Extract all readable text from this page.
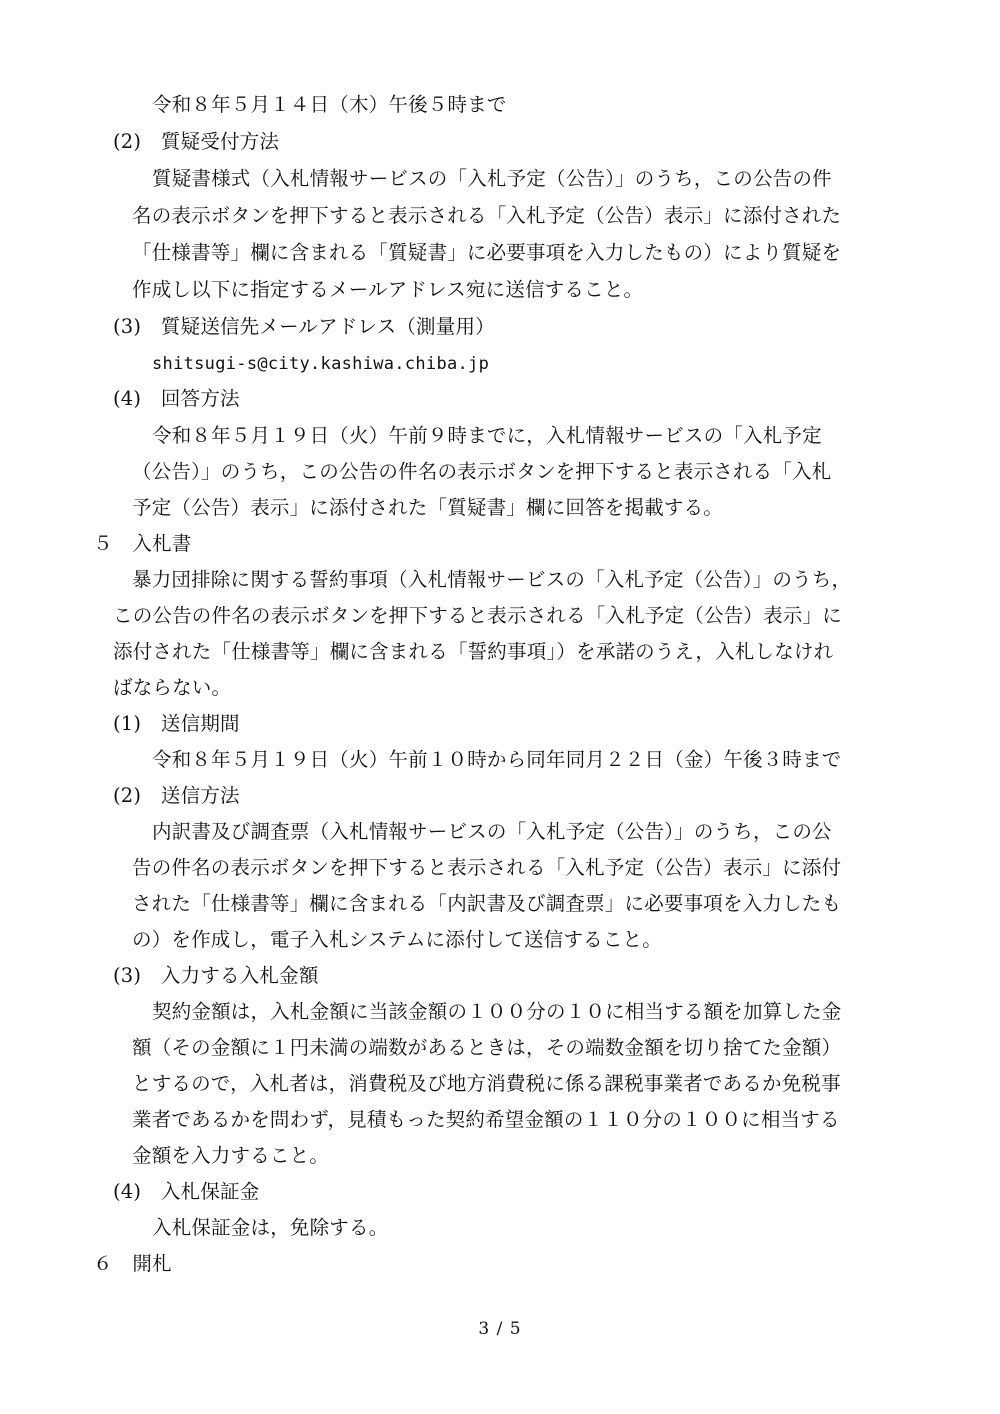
令和８年５月１４日（木）午後５時まで
(2)　質疑受付方法
質疑書様式（入札情報サービスの「入札予定（公告）」のうち，この公告の件
名の表示ボタンを押下すると表示される「入札予定（公告）表示」に添付された
「仕様書等」欄に含まれる「質疑書」に必要事項を入力したもの）により質疑を
作成し以下に指定するメールアドレス宛に送信すること。
(3)　質疑送信先メールアドレス（測量用）
shitsugi-s@city.kashiwa.chiba.jp
(4)　回答方法
令和８年５月１９日（火）午前９時までに，入札情報サービスの「入札予定
（公告）」のうち，この公告の件名の表示ボタンを押下すると表示される「入札
予定（公告）表示」に添付された「質疑書」欄に回答を掲載する。
５　入札書
暴力団排除に関する誓約事項（入札情報サービスの「入札予定（公告）」のうち，
この公告の件名の表示ボタンを押下すると表示される「入札予定（公告）表示」に
添付された「仕様書等」欄に含まれる「誓約事項」）を承諾のうえ，入札しなけれ
ばならない。
(1)　送信期間
令和８年５月１９日（火）午前１０時から同年同月２２日（金）午後３時まで
(2)　送信方法
内訳書及び調査票（入札情報サービスの「入札予定（公告）」のうち，この公
告の件名の表示ボタンを押下すると表示される「入札予定（公告）表示」に添付
された「仕様書等」欄に含まれる「内訳書及び調査票」に必要事項を入力したも
の）を作成し，電子入札システムに添付して送信すること。
(3)　入力する入札金額
契約金額は，入札金額に当該金額の１００分の１０に相当する額を加算した金
額（その金額に１円未満の端数があるときは，その端数金額を切り捨てた金額）
とするので，入札者は，消費税及び地方消費税に係る課税事業者であるか免税事
業者であるかを問わず，見積もった契約希望金額の１１０分の１００に相当する
金額を入力すること。
(4)　入札保証金
入札保証金は，免除する。
６　開札
3 / 5
